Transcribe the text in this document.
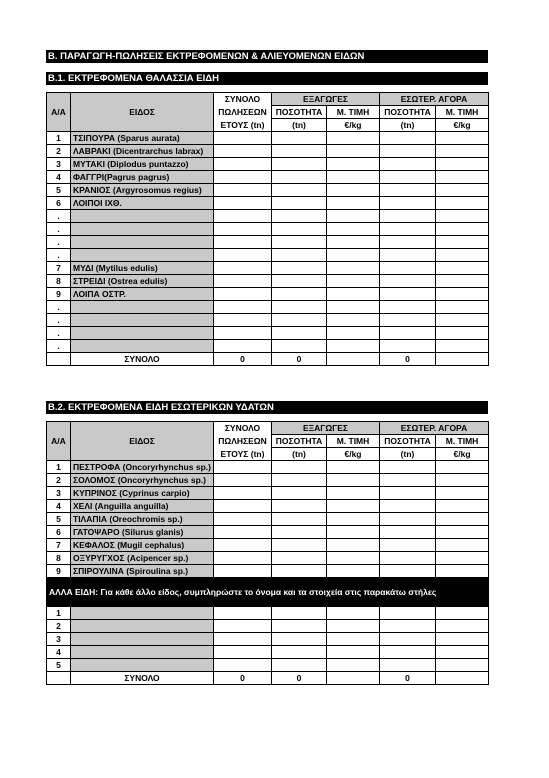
Β. ΠΑΡΑΓΩΓΗ-ΠΩΛΗΣΕΙΣ ΕΚΤΡΕΦΟΜΕΝΩΝ & ΑΛΙΕΥΟΜΕΝΩΝ ΕΙΔΩΝ
Β.1. ΕΚΤΡΕΦΟΜΕΝΑ ΘΑΛΑΣΣΙΑ ΕΙΔΗ
Α/Α	ΕΙΔΟΣ	ΣΥΝΟΛΟ	ΕΞΑΓΩΓΕΣ		ΕΣΩΤΕΡ. ΑΓΟΡΑ	
		ΠΩΛΗΣΕΩΝ	ΠΟΣΟΤΗΤΑ	Μ. ΤΙΜΗ	ΠΟΣΟΤΗΤΑ	Μ. ΤΙΜΗ
		ΕΤΟΥΣ (tn)	(tn)	€/kg	(tn)	€/kg
1	ΤΣΙΠΟΥΡΑ (Sparus aurata)					
2	ΛΑΒΡΑΚΙ (Dicentrarchus labrax)					
3	ΜΥΤΑΚΙ (Diplodus puntazzo)					
4	ΦΑΓΓΡΙ(Pagrus pagrus)					
5	ΚΡΑΝΙΟΣ (Argyrosomus regius)					
6	ΛΟΙΠΟΙ ΙΧΘ.					
.						
.						
.						
.						
7	ΜΥΔΙ (Mytilus edulis)					
8	ΣΤΡΕΙΔΙ (Ostrea edulis)					
9	ΛΟΙΠΑ ΟΣΤΡ.					
.						
.						
.						
.						
	ΣΥΝΟΛΟ	0	0		0	
Β.2. ΕΚΤΡΕΦΟΜΕΝΑ ΕΙΔΗ ΕΣΩΤΕΡΙΚΩΝ ΥΔΑΤΩΝ
Α/Α	ΕΙΔΟΣ	ΣΥΝΟΛΟ	ΕΞΑΓΩΓΕΣ		ΕΣΩΤΕΡ. ΑΓΟΡΑ	
		ΠΩΛΗΣΕΩΝ	ΠΟΣΟΤΗΤΑ	Μ. ΤΙΜΗ	ΠΟΣΟΤΗΤΑ	Μ. ΤΙΜΗ
		ΕΤΟΥΣ (tn)	(tn)	€/kg	(tn)	€/kg
1	ΠΕΣΤΡΟΦΑ (Oncoryrhynchus sp.)					
2	ΣΟΛΟΜΟΣ (Oncoryrhynchus sp.)					
3	ΚΥΠΡΙΝΟΣ (Cyprinus carpio)					
4	ΧΕΛΙ (Anguilla anguilla)					
5	ΤΙΛΑΠΙΑ (Oreochromis sp.)					
6	ΓΑΤΟΨΑΡΟ (Silurus glanis)					
7	ΚΕΦΑΛΟΣ (Mugil cephalus)					
8	ΟΞΥΡΥΓΧΟΣ (Acipencer sp.)					
9	ΣΠΙΡΟΥΛΙΝΑ (Spiroulina sp.)					
ΑΛΛΑ ΕΙΔΗ: Για κάθε άλλο είδος, συμπληρώστε το όνομα και τα στοιχεία στις παρακάτω στήλες						
1						
2						
3						
4						
5						
	ΣΥΝΟΛΟ	0	0		0	
